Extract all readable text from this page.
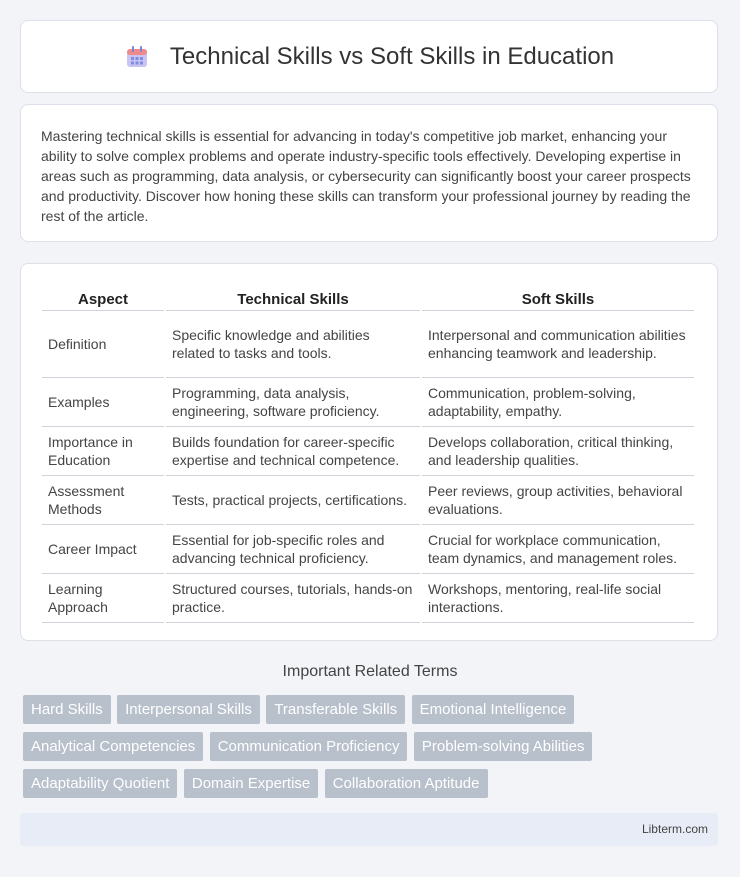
Technical Skills vs Soft Skills in Education

Mastering technical skills is essential for advancing in today's competitive job market, enhancing your ability to solve complex problems and operate industry-specific tools effectively. Developing expertise in areas such as programming, data analysis, or cybersecurity can significantly boost your career prospects and productivity. Discover how honing these skills can transform your professional journey by reading the rest of the article.

Aspect	Technical Skills	Soft Skills
Definition	Specific knowledge and abilities related to tasks and tools.	Interpersonal and communication abilities enhancing teamwork and leadership.
Examples	Programming, data analysis, engineering, software proficiency.	Communication, problem-solving, adaptability, empathy.
Importance in Education	Builds foundation for career-specific expertise and technical competence.	Develops collaboration, critical thinking, and leadership qualities.
Assessment Methods	Tests, practical projects, certifications.	Peer reviews, group activities, behavioral evaluations.
Career Impact	Essential for job-specific roles and advancing technical proficiency.	Crucial for workplace communication, team dynamics, and management roles.
Learning Approach	Structured courses, tutorials, hands-on practice.	Workshops, mentoring, real-life social interactions.
Important Related Terms
Hard Skills Interpersonal Skills Transferable Skills Emotional Intelligence
Analytical Competencies Communication Proficiency Problem-solving Abilities
Adaptability Quotient Domain Expertise Collaboration Aptitude
Libterm.com
